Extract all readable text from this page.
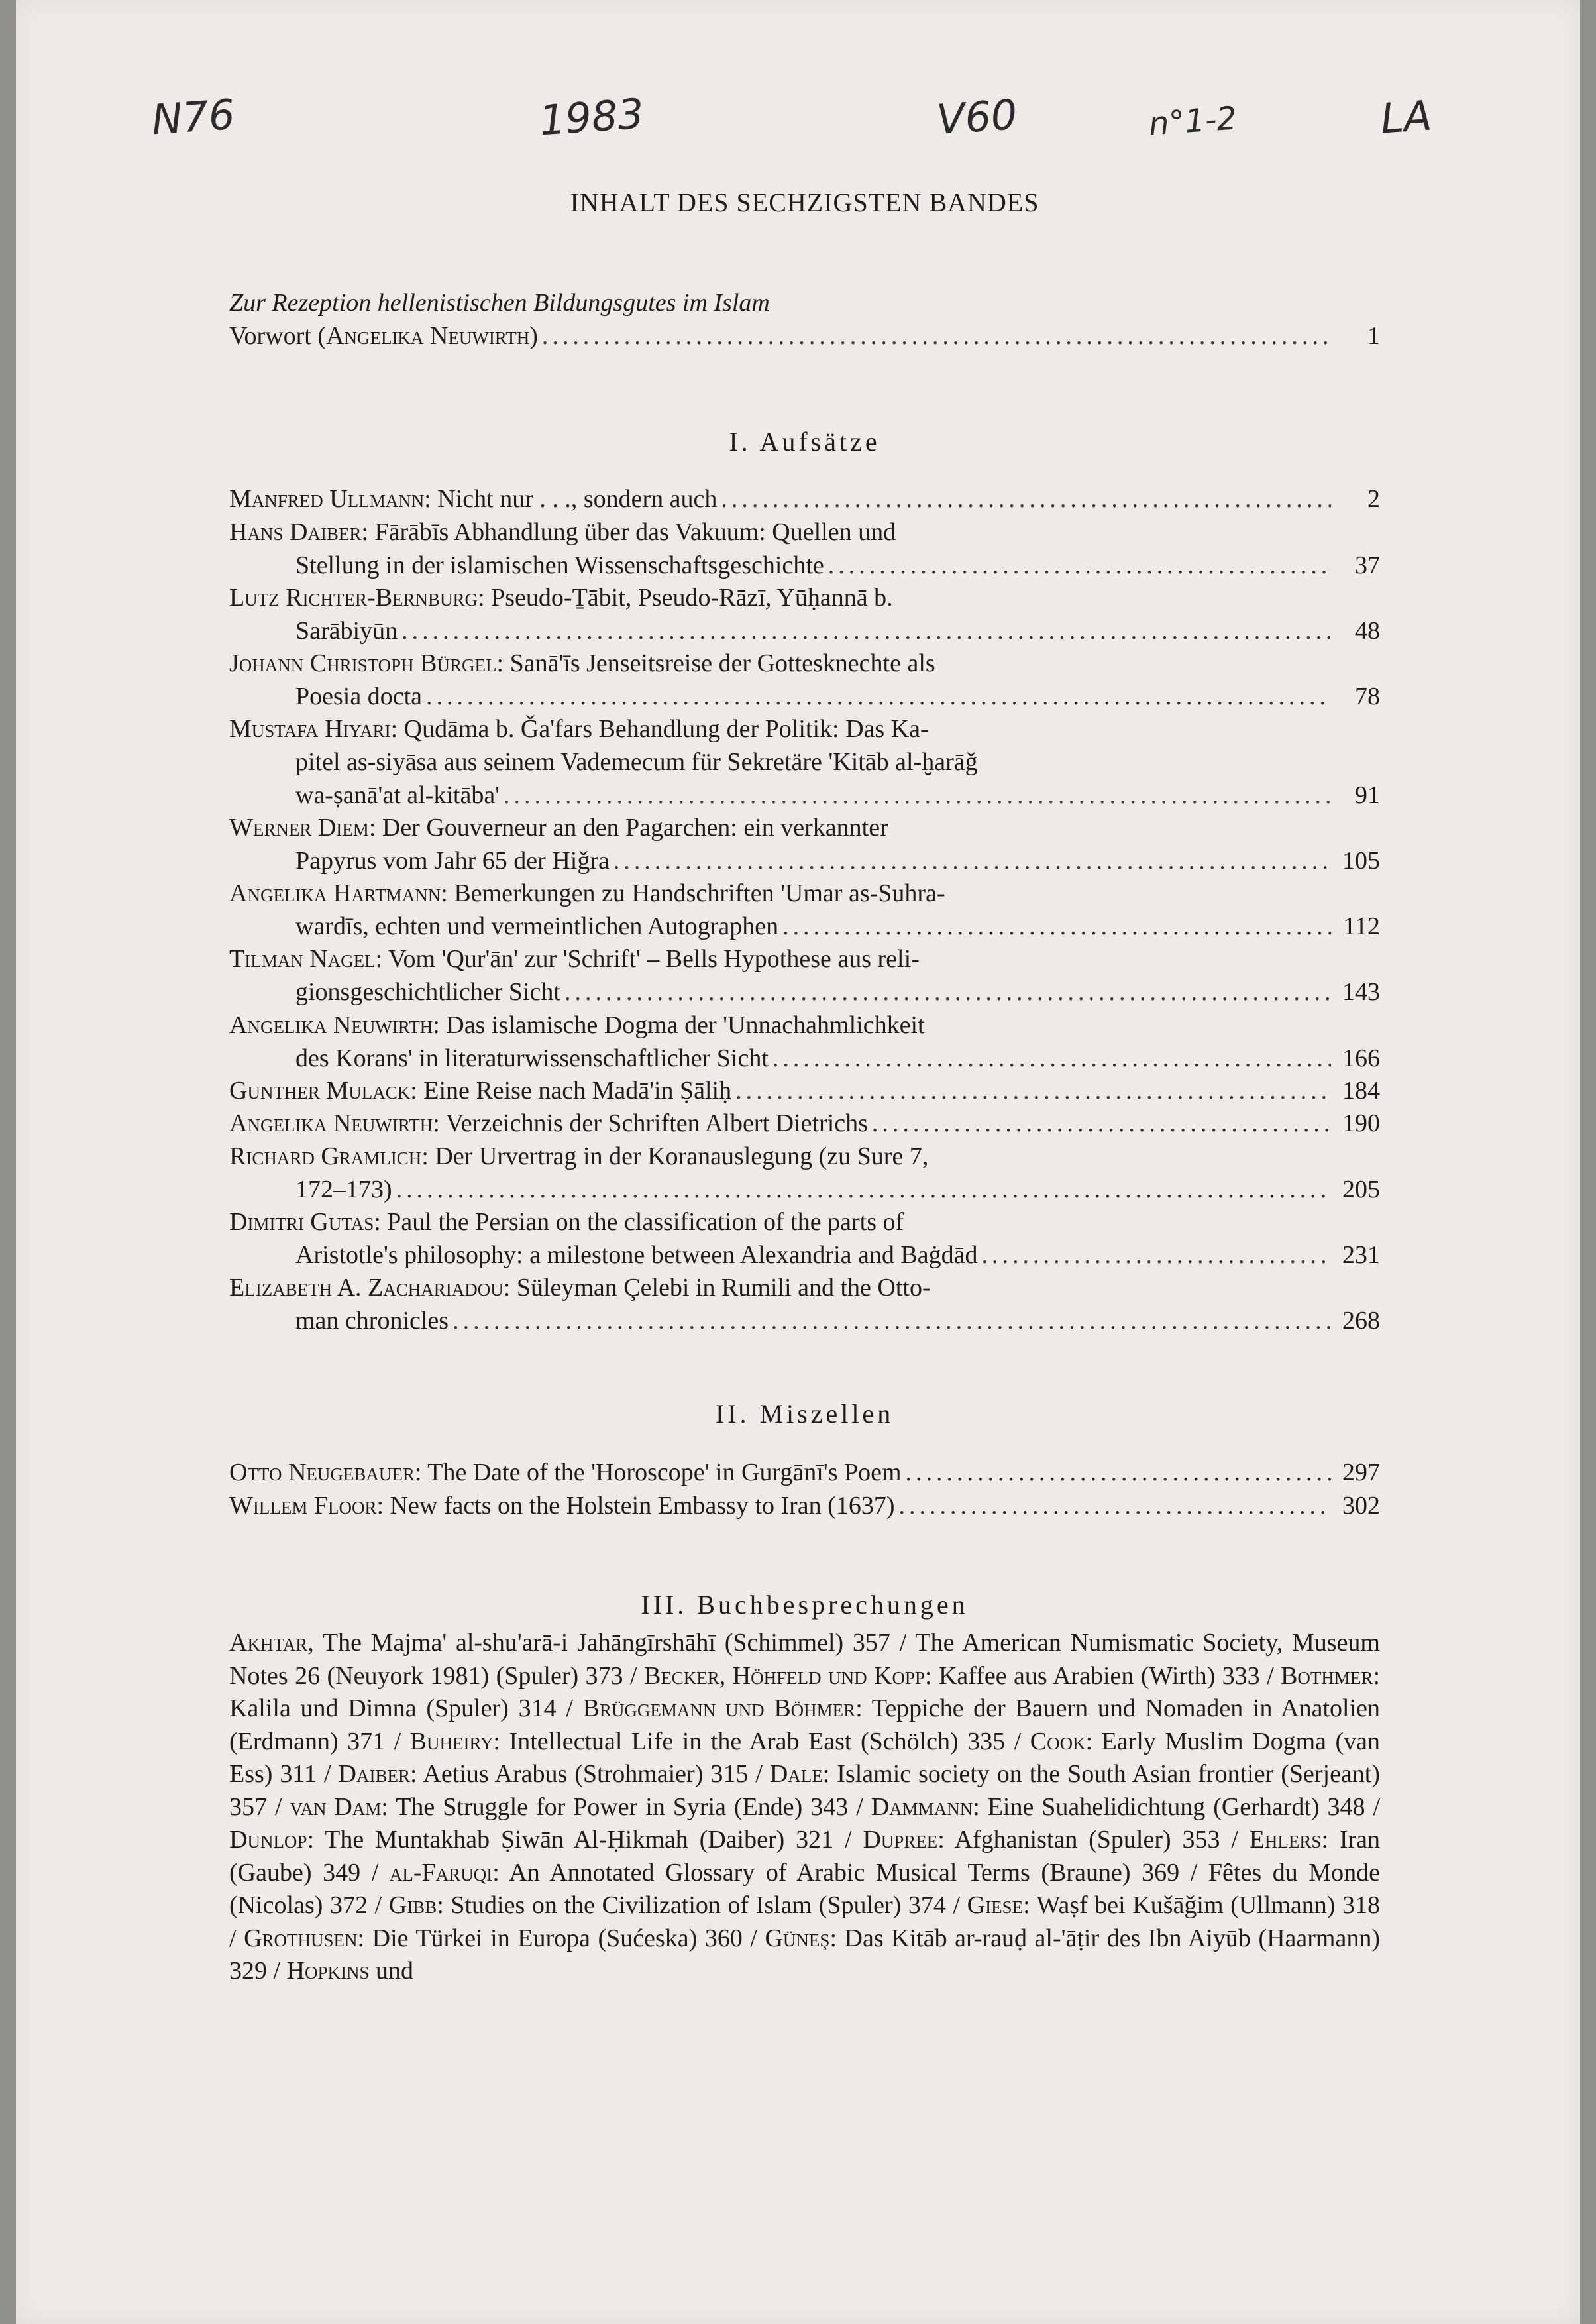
N76	1983	V60	n°1-2	LA
INHALT DES SECHZIGSTEN BANDES
Zur Rezeption hellenistischen Bildungsgutes im Islam
Vorwort (Angelika Neuwirth) .....	1
I. Aufsätze
Manfred Ullmann: Nicht nur . . ., sondern auch .....	2
Hans Daiber: Fārābīs Abhandlung über das Vakuum: Quellen und
Stellung in der islamischen Wissenschaftsgeschichte .....	37
Lutz Richter-Bernburg: Pseudo-Ṯābit, Pseudo-Rāzī, Yūḥannā b.
Sarābiyūn .....	48
Johann Christoph Bürgel: Sanā'īs Jenseitsreise der Gottesknechte als
Poesia docta .....	78
Mustafa Hiyari: Qudāma b. Ǧa'fars Behandlung der Politik: Das Ka-
pitel as-siyāsa aus seinem Vademecum für Sekretäre 'Kitāb al-ḫarāǧ
wa-ṣanā'at al-kitāba' .....	91
Werner Diem: Der Gouverneur an den Pagarchen: ein verkannter
Papyrus vom Jahr 65 der Hiǧra .....	105
Angelika Hartmann: Bemerkungen zu Handschriften 'Umar as-Suhra-
wardīs, echten und vermeintlichen Autographen .....	112
Tilman Nagel: Vom 'Qur'ān' zur 'Schrift' – Bells Hypothese aus reli-
gionsgeschichtlicher Sicht .....	143
Angelika Neuwirth: Das islamische Dogma der 'Unnachahmlichkeit
des Korans' in literaturwissenschaftlicher Sicht .....	166
Gunther Mulack: Eine Reise nach Madā'in Ṣāliḥ .....	184
Angelika Neuwirth: Verzeichnis der Schriften Albert Dietrichs .....	190
Richard Gramlich: Der Urvertrag in der Koranauslegung (zu Sure 7,
172–173) .....	205
Dimitri Gutas: Paul the Persian on the classification of the parts of
Aristotle's philosophy: a milestone between Alexandria and Baġdād .....	231
Elizabeth A. Zachariadou: Süleyman Çelebi in Rumili and the Otto-
man chronicles .....	268
II. Miszellen
Otto Neugebauer: The Date of the 'Horoscope' in Gurgānī's Poem .....	297
Willem Floor: New facts on the Holstein Embassy to Iran (1637) .....	302
III. Buchbesprechungen
Akhtar, The Majma' al-shu'arā-i Jahāngīrshāhī (Schimmel) 357 / The American Numismatic Society, Museum Notes 26 (Neuyork 1981) (Spuler) 373 / Becker, Höhfeld und Kopp: Kaffee aus Arabien (Wirth) 333 / Bothmer: Kalila und Dimna (Spuler) 314 / Brüggemann und Böhmer: Teppiche der Bauern und Nomaden in Anatolien (Erdmann) 371 / Buheiry: Intellectual Life in the Arab East (Schölch) 335 / Cook: Early Muslim Dogma (van Ess) 311 / Daiber: Aetius Arabus (Strohmaier) 315 / Dale: Islamic society on the South Asian frontier (Serjeant) 357 / van Dam: The Struggle for Power in Syria (Ende) 343 / Dammann: Eine Suahelidichtung (Gerhardt) 348 / Dunlop: The Muntakhab Ṣiwān Al-Ḥikmah (Daiber) 321 / Dupree: Afghanistan (Spuler) 353 / Ehlers: Iran (Gaube) 349 / al-Faruqi: An Annotated Glossary of Arabic Musical Terms (Braune) 369 / Fêtes du Monde (Nicolas) 372 / Gibb: Studies on the Civilization of Islam (Spuler) 374 / Giese: Waṣf bei Kušāǧim (Ullmann) 318 / Grothusen: Die Türkei in Europa (Sućeska) 360 / Güneş: Das Kitāb ar-rauḍ al-'āṭir des Ibn Aiyūb (Haarmann) 329 / Hopkins und
